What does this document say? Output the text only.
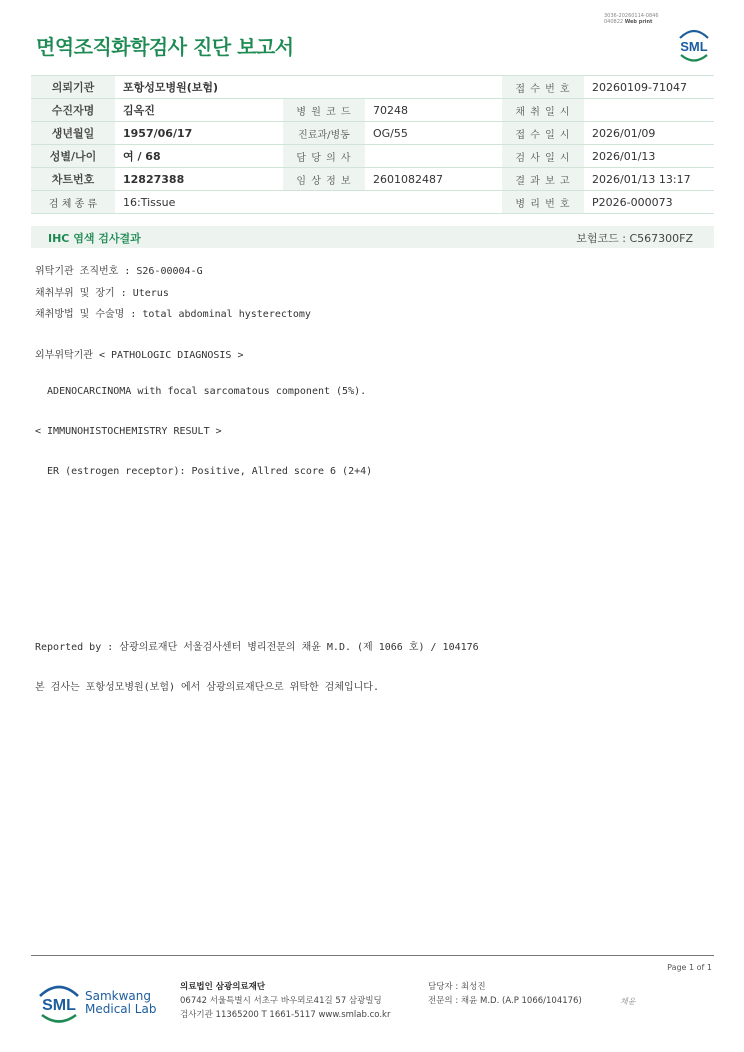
3036-20260114-0846
040822 Web print
면역조직화학검사 진단 보고서	SML
의뢰기관	포항성모병원(보험)			접 수 번 호	20260109-71047
수진자명	김옥진	병 원 코 드	70248	채 취 일 시	
생년월일	1957/06/17	진료과/병동	OG/55	접 수 일 시	2026/01/09
성별/나이	여 / 68	담 당 의 사		검 사 일 시	2026/01/13
차트번호	12827388	임 상 정 보	2601082487	결 과 보 고	2026/01/13 13:17
검 체 종 류	16:Tissue			병 리 번 호	P2026-000073
IHC 염색 검사결과	보험코드 : C567300FZ
위탁기관 조직번호 : S26-00004-G
채취부위 및 장기 : Uterus
채취방법 및 수술명 : total abdominal hysterectomy
외부위탁기관 < PATHOLOGIC DIAGNOSIS >
ADENOCARCINOMA with focal sarcomatous component (5%).
< IMMUNOHISTOCHEMISTRY RESULT >
ER (estrogen receptor): Positive, Allred score 6 (2+4)
Reported by : 삼광의료재단 서울검사센터 병리전문의 채윤 M.D. (제 1066 호) / 104176
본 검사는 포항성모병원(보험) 에서 삼광의료재단으로 위탁한 검체입니다.
Page 1 of 1
SML
Samkwang
Medical Lab
의료법인 삼광의료재단
06742 서울특별시 서초구 바우뫼로41길 57 삼광빌딩
검사기관 11365200 T 1661-5117 www.smlab.co.kr
담당자 : 최성진
전문의 : 채윤 M.D. (A.P 1066/104176)	채윤
